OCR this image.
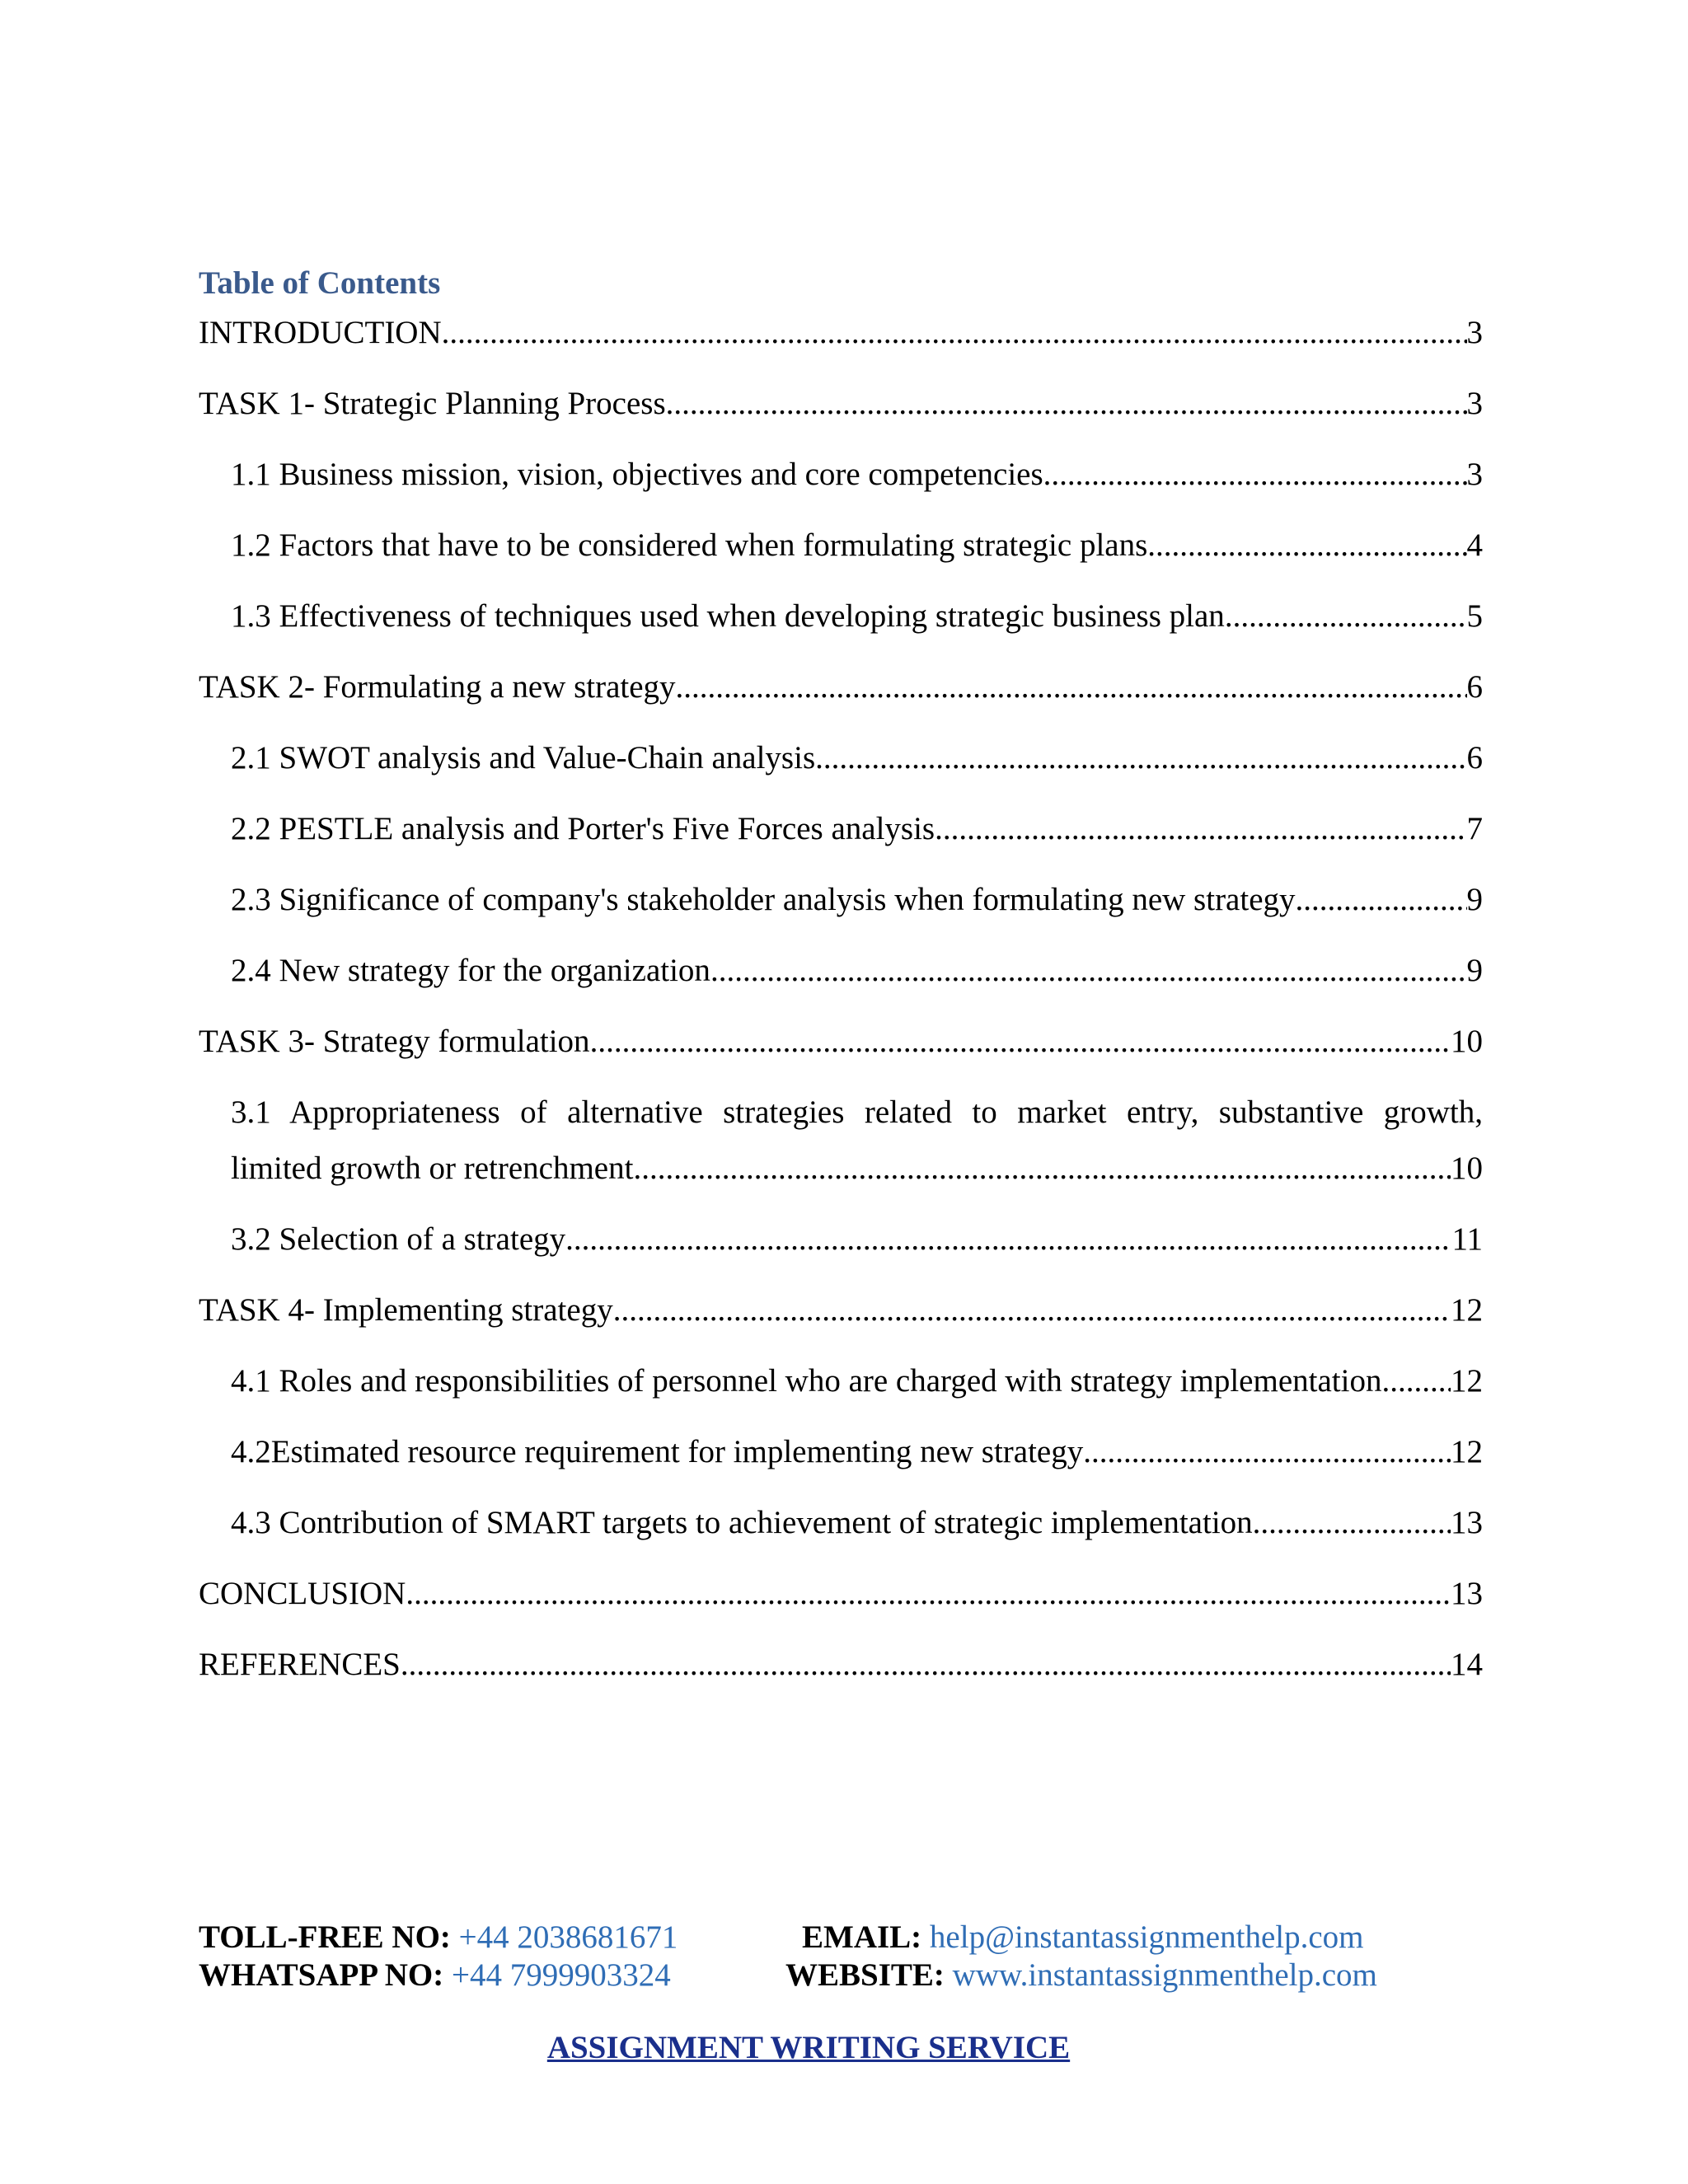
Table of Contents
INTRODUCTION .....	3
TASK 1- Strategic Planning Process .....	3
1.1 Business mission, vision, objectives and core competencies .....	3
1.2 Factors that have to be considered when formulating strategic plans .....	4
1.3 Effectiveness of techniques used when developing strategic business plan .....	5
TASK 2- Formulating a new strategy .....	6
2.1 SWOT analysis and Value-Chain analysis .....	6
2.2 PESTLE analysis and Porter's Five Forces analysis .....	7
2.3 Significance of company's stakeholder analysis when formulating new strategy .....	9
2.4 New strategy for the organization .....	9
TASK 3- Strategy formulation .....	10
3.1 Appropriateness of alternative strategies related to market entry, substantive growth,
limited growth or retrenchment .....	10
3.2 Selection of a strategy .....	11
TASK 4- Implementing strategy .....	12
4.1 Roles and responsibilities of personnel who are charged with strategy implementation ..... 12
4.2Estimated resource requirement for implementing new strategy .....	12
4.3 Contribution of SMART targets to achievement of strategic implementation .....	13
CONCLUSION .....	13
REFERENCES .....	14
TOLL-FREE NO: +44 2038681671	EMAIL: help@instantassignmenthelp.com
WHATSAPP NO: +44 7999903324	WEBSITE: www.instantassignmenthelp.com
ASSIGNMENT WRITING SERVICE
